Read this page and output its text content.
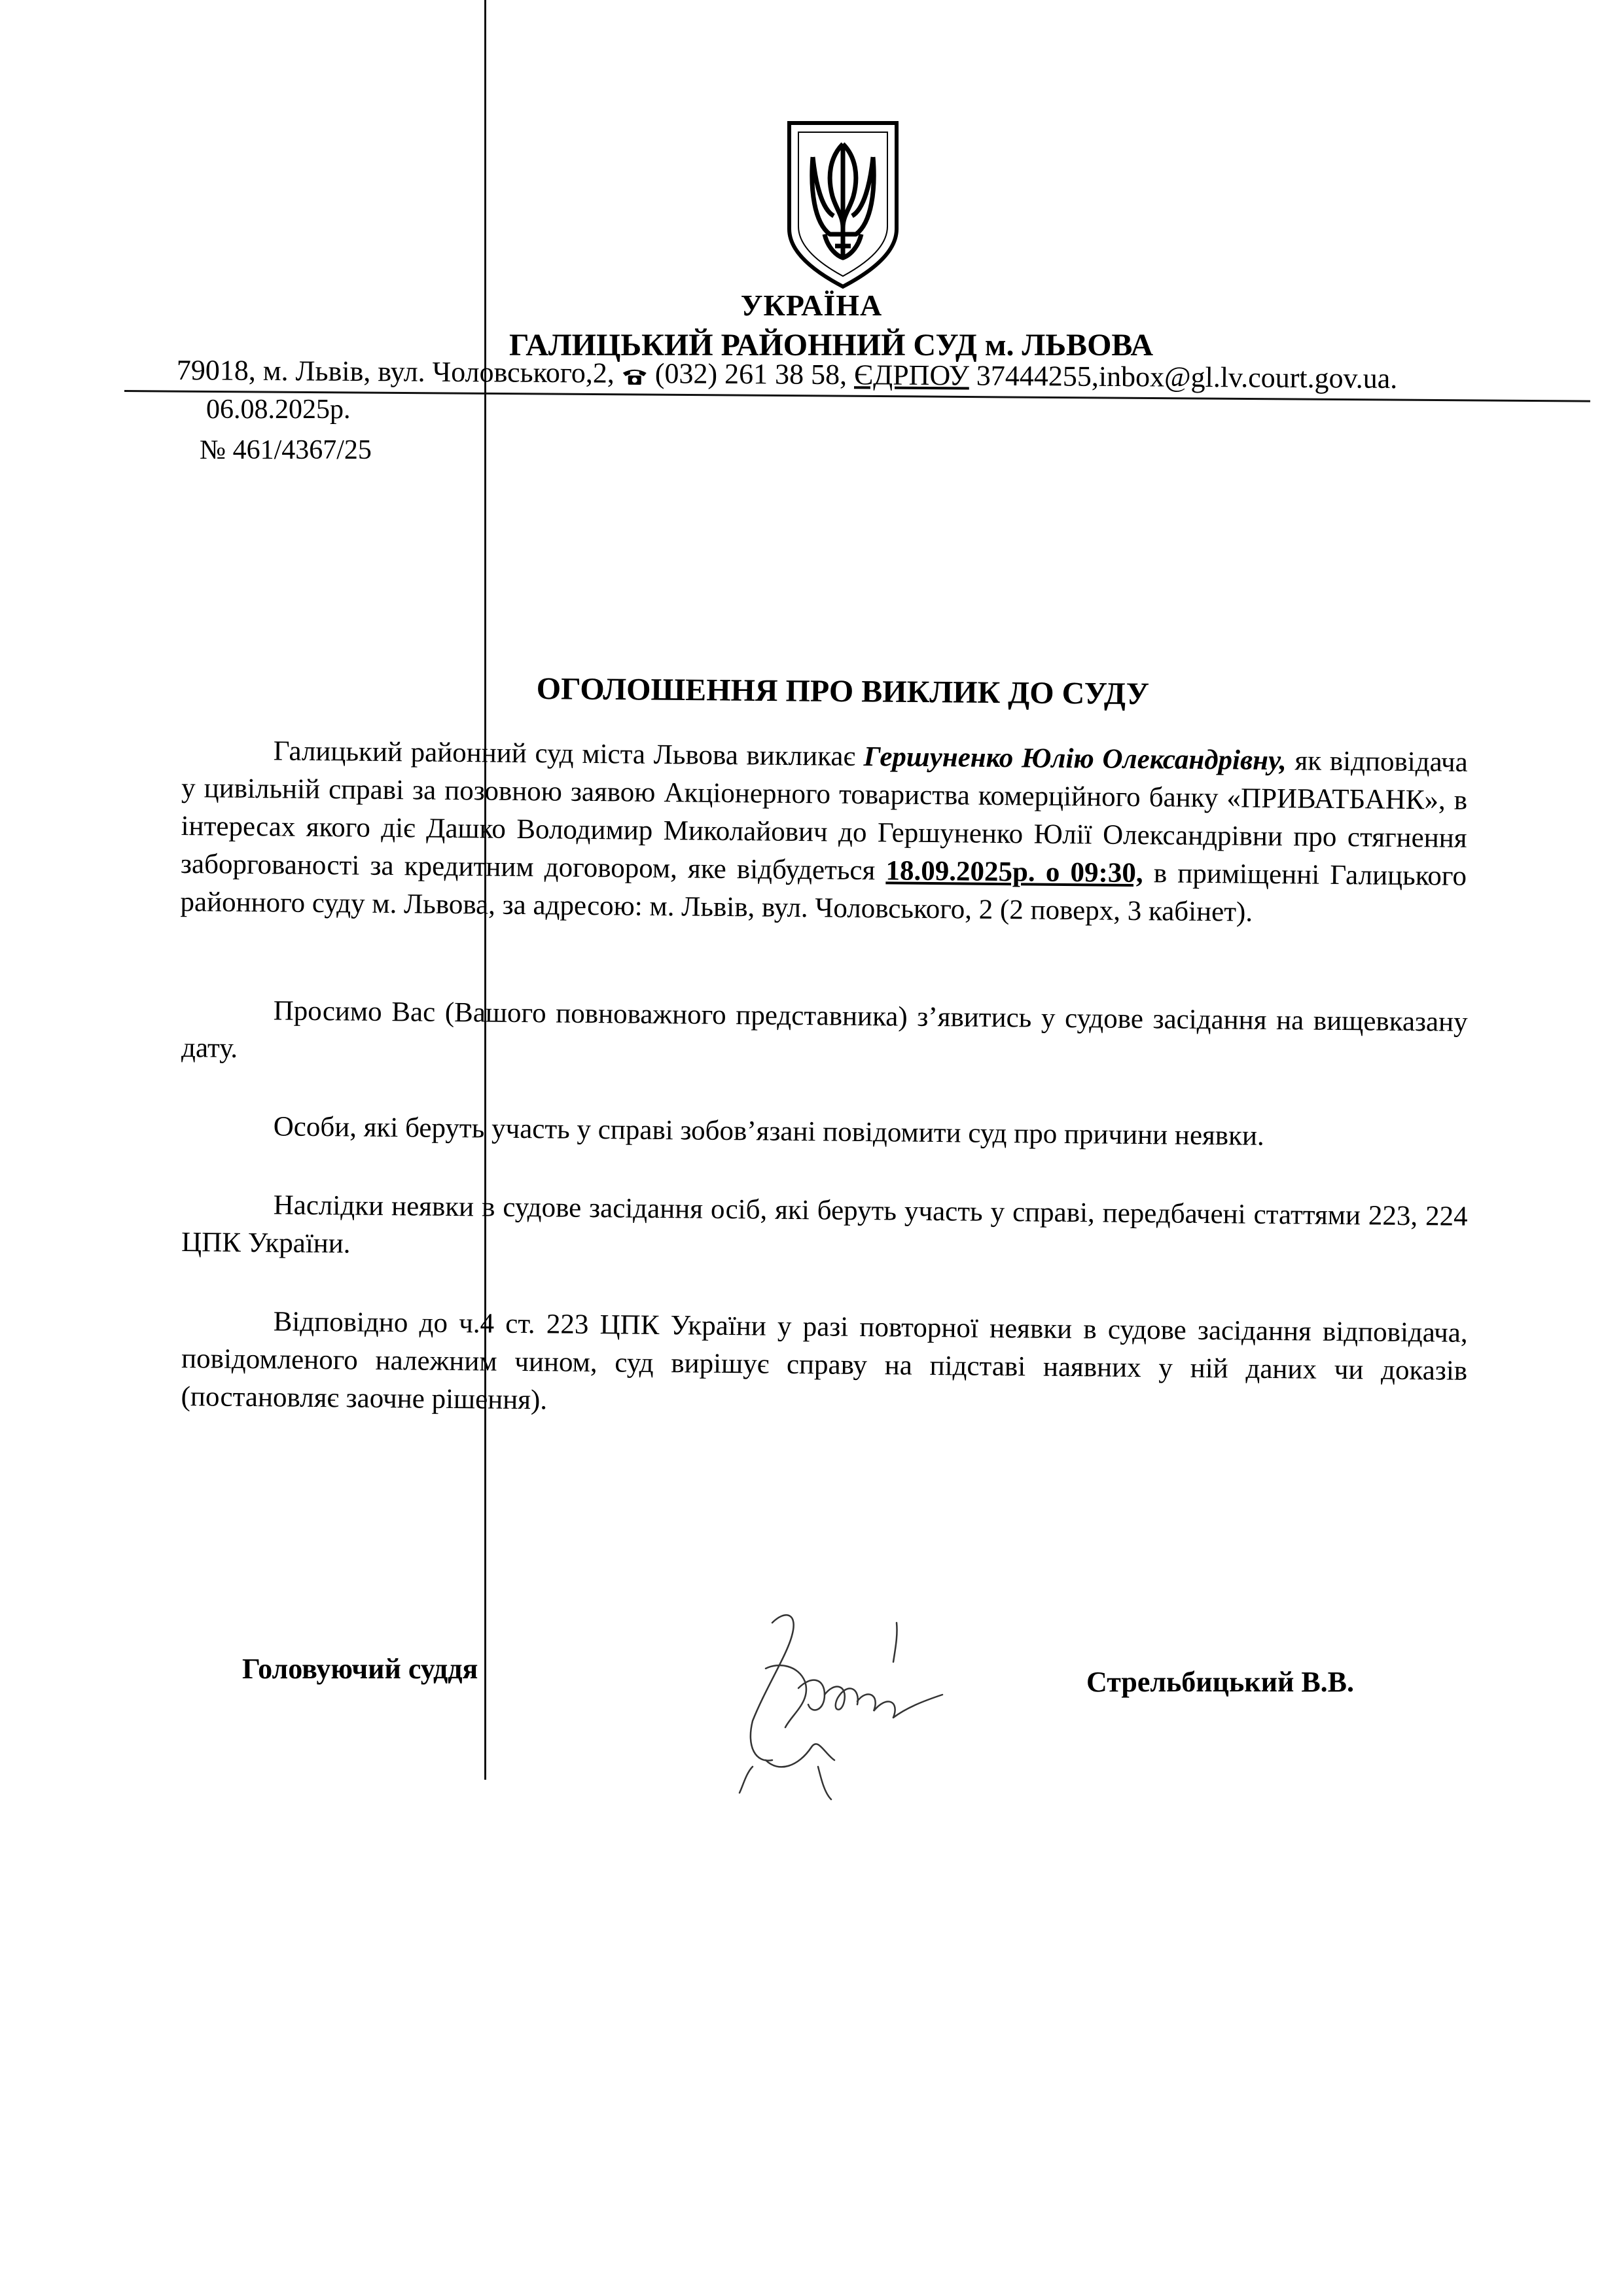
УКРАЇНА
ГАЛИЦЬКИЙ РАЙОННИЙ СУД м. ЛЬВОВА
79018, м. Львів, вул. Чоловського,2, (032) 261 38 58, ЄДРПОУ 37444255,inbox@gl.lv.court.gov.ua.
06.08.2025р.
№ 461/4367/25
ОГОЛОШЕННЯ ПРО ВИКЛИК ДО СУДУ
Галицький районний суд міста Львова викликає Гершуненко Юлію Олександрівну, як відповідача у цивільній справі за позовною заявою Акціонерного товариства комерційного банку «ПРИВАТБАНК», в інтересах якого діє Дашко Володимир Миколайович до Гершуненко Юлії Олександрівни про стягнення заборгованості за кредитним договором, яке відбудеться 18.09.2025р. о 09:30, в приміщенні Галицького районного суду м. Львова, за адресою: м. Львів, вул. Чоловського, 2 (2 поверх, 3 кабінет).
Просимо Вас (Вашого повноважного представника) з’явитись у судове засідання на вищевказану дату.
Особи, які беруть участь у справі зобов’язані повідомити суд про причини неявки.
Наслідки неявки в судове засідання осіб, які беруть участь у справі, передбачені статтями 223, 224 ЦПК України.
Відповідно до ч.4 ст. 223 ЦПК України у разі повторної неявки в судове засідання відповідача, повідомленого належним чином, суд вирішує справу на підставі наявних у ній даних чи доказів (постановляє заочне рішення).
Головуючий суддя	Стрельбицький В.В.
